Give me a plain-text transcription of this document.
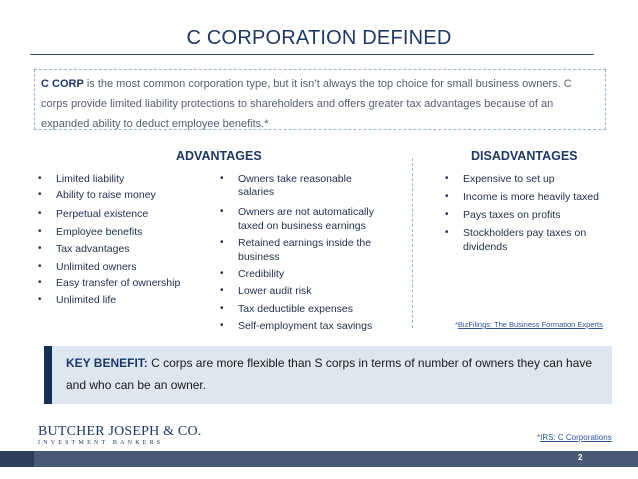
C CORPORATION DEFINED
C CORP is the most common corporation type, but it isn’t always the top choice for small business owners. C corps provide limited liability protections to shareholders and offers greater tax advantages because of an expanded ability to deduct employee benefits.*
ADVANTAGES	DISADVANTAGES
• Limited liability
• Ability to raise money
• Perpetual existence
• Employee benefits
• Tax advantages
• Unlimited owners
• Easy transfer of ownership
• Unlimited life
• Owners take reasonable
salaries
• Owners are not automatically
taxed on business earnings
• Retained earnings inside the
business
• Credibility
• Lower audit risk
• Tax deductible expenses
• Self-employment tax savings
• Expensive to set up
• Income is more heavily taxed
• Pays taxes on profits
• Stockholders pay taxes on
dividends
*BizFilings: The Business Formation Experts
KEY BENEFIT: C corps are more flexible than S corps in terms of number of owners they can have and who can be an owner.
BUTCHER JOSEPH & CO.
INVESTMENT BANKERS
*IRS: C Corporations
2
